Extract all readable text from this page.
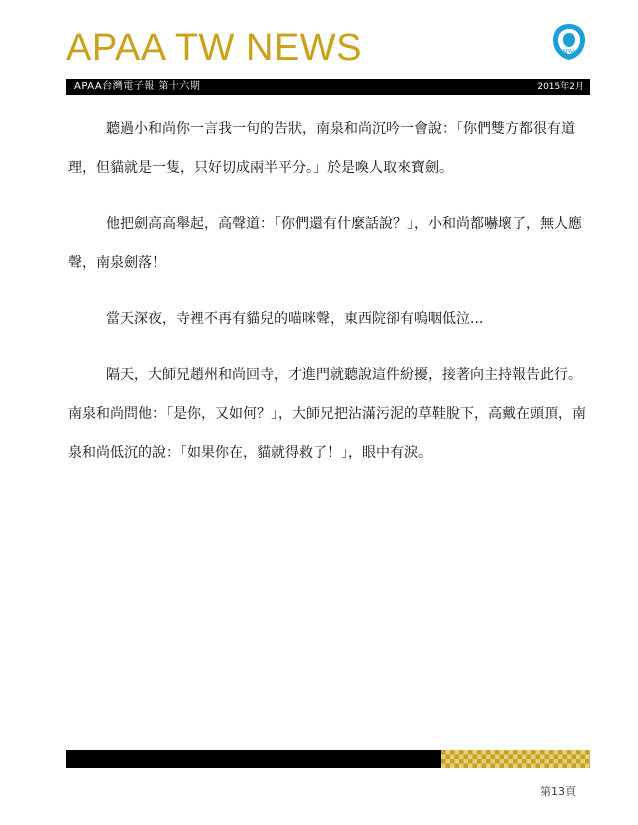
APAA TW NEWS	APAA
APAA台灣電子報 第十六期	2015年2月

聽過小和尚你一言我一句的告狀，南泉和尚沉吟一會說：「你們雙方都很有道理，但貓就是一隻，只好切成兩半平分。」於是喚人取來寶劍。

他把劍高高舉起，高聲道：「你們還有什麼話說？」，小和尚都嚇壞了，無人應聲，南泉劍落！

當天深夜，寺裡不再有貓兒的喵咪聲，東西院卻有嗚咽低泣...

隔天，大師兄趙州和尚回寺，才進門就聽說這件紛擾，接著向主持報告此行。南泉和尚問他：「是你，又如何？」，大師兄把沾滿污泥的草鞋脫下，高戴在頭頂，南泉和尚低沉的說：「如果你在，貓就得救了！」，眼中有淚。

第13頁
